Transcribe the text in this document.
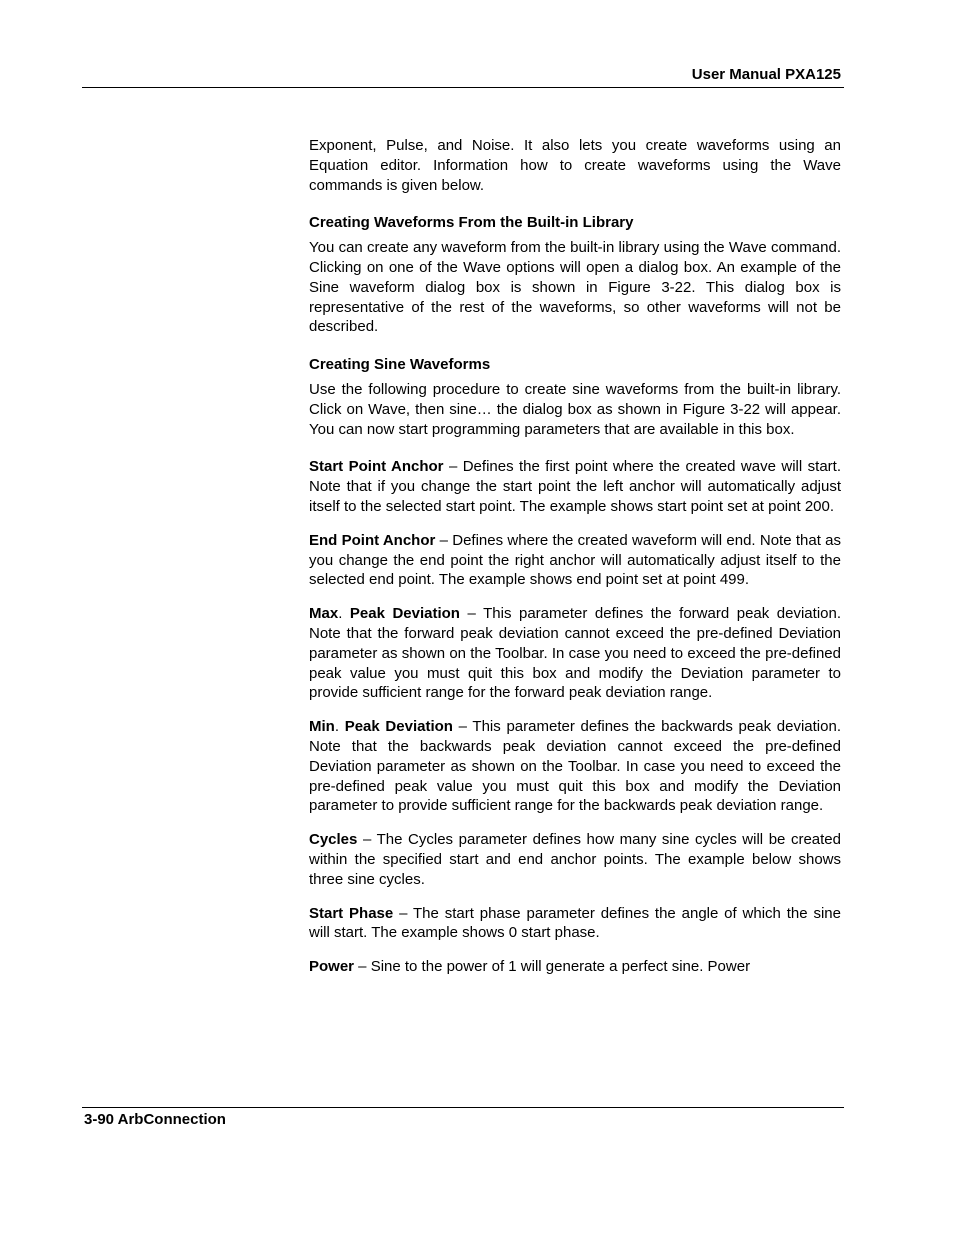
User Manual PXA125

Exponent, Pulse, and Noise. It also lets you create waveforms using an Equation editor. Information how to create waveforms using the Wave commands is given below.

Creating Waveforms From the Built-in Library

You can create any waveform from the built-in library using the Wave command. Clicking on one of the Wave options will open a dialog box. An example of the Sine waveform dialog box is shown in Figure 3-22. This dialog box is representative of the rest of the waveforms, so other waveforms will not be described.

Creating Sine Waveforms

Use the following procedure to create sine waveforms from the built-in library. Click on Wave, then sine… the dialog box as shown in Figure 3-22 will appear. You can now start programming parameters that are available in this box.

Start Point Anchor – Defines the first point where the created wave will start. Note that if you change the start point the left anchor will automatically adjust itself to the selected start point. The example shows start point set at point 200.

End Point Anchor – Defines where the created waveform will end. Note that as you change the end point the right anchor will automatically adjust itself to the selected end point. The example shows end point set at point 499.

Max. Peak Deviation – This parameter defines the forward peak deviation. Note that the forward peak deviation cannot exceed the pre-defined Deviation parameter as shown on the Toolbar. In case you need to exceed the pre-defined peak value you must quit this box and modify the Deviation parameter to provide sufficient range for the forward peak deviation range.

Min. Peak Deviation – This parameter defines the backwards peak deviation. Note that the backwards peak deviation cannot exceed the pre-defined Deviation parameter as shown on the Toolbar. In case you need to exceed the pre-defined peak value you must quit this box and modify the Deviation parameter to provide sufficient range for the backwards peak deviation range.

Cycles – The Cycles parameter defines how many sine cycles will be created within the specified start and end anchor points. The example below shows three sine cycles.

Start Phase – The start phase parameter defines the angle of which the sine will start. The example shows 0 start phase.

Power – Sine to the power of 1 will generate a perfect sine. Power

3-90 ArbConnection
